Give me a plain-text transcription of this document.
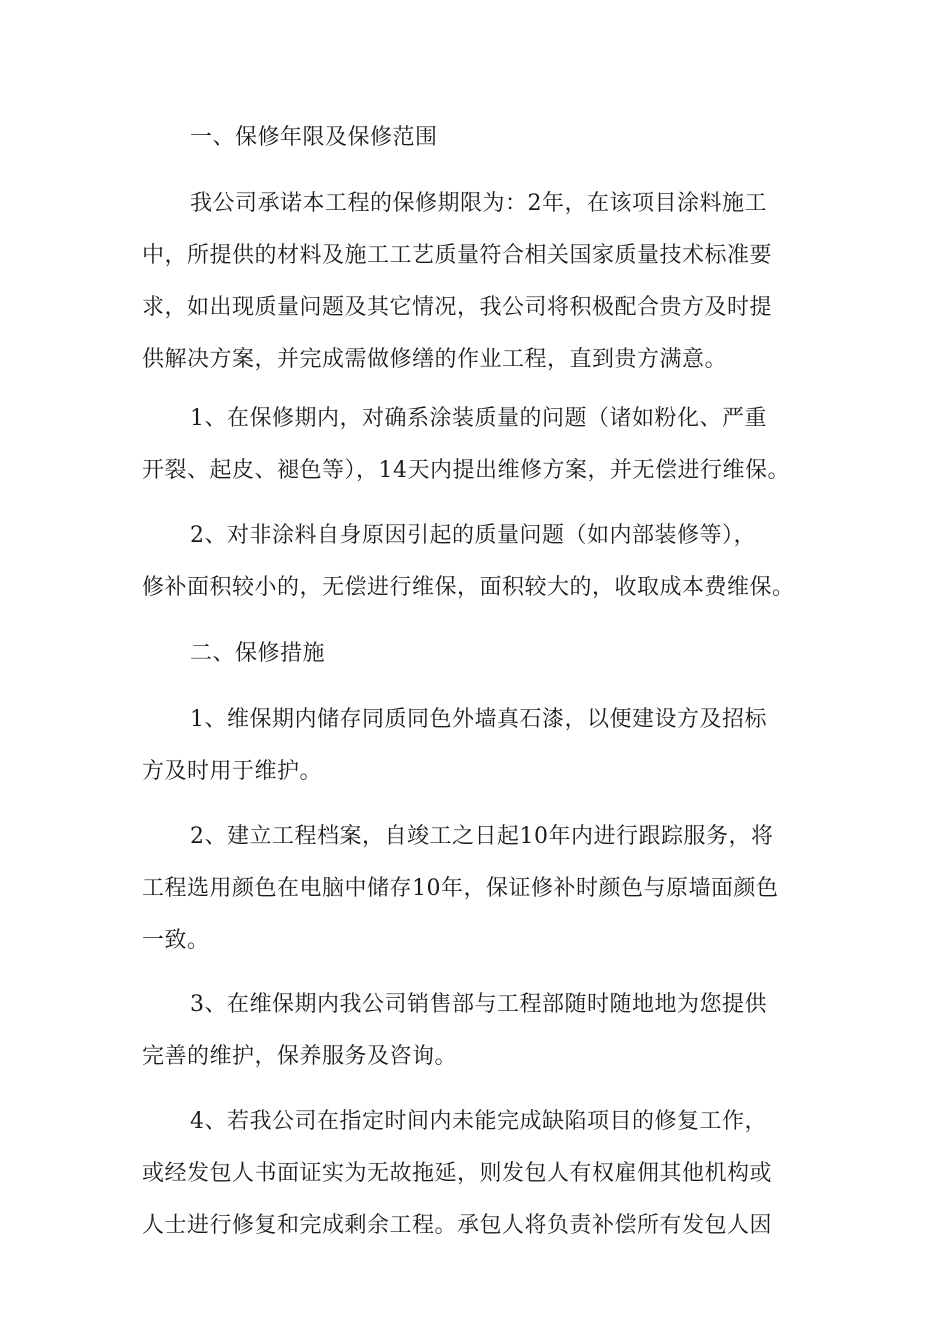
一、保修年限及保修范围

我公司承诺本工程的保修期限为：2年，在该项目涂料施工
中，所提供的材料及施工工艺质量符合相关国家质量技术标准要
求，如出现质量问题及其它情况，我公司将积极配合贵方及时提
供解决方案，并完成需做修缮的作业工程，直到贵方满意。

1、在保修期内，对确系涂装质量的问题（诸如粉化、严重
开裂、起皮、褪色等），14天内提出维修方案，并无偿进行维保。

2、对非涂料自身原因引起的质量问题（如内部装修等），
修补面积较小的，无偿进行维保，面积较大的，收取成本费维保。

二、保修措施

1、维保期内储存同质同色外墙真石漆，以便建设方及招标
方及时用于维护。

2、建立工程档案，自竣工之日起10年内进行跟踪服务，将
工程选用颜色在电脑中储存10年，保证修补时颜色与原墙面颜色
一致。

3、在维保期内我公司销售部与工程部随时随地地为您提供
完善的维护，保养服务及咨询。

4、若我公司在指定时间内未能完成缺陷项目的修复工作，
或经发包人书面证实为无故拖延，则发包人有权雇佣其他机构或
人士进行修复和完成剩余工程。承包人将负责补偿所有发包人因
